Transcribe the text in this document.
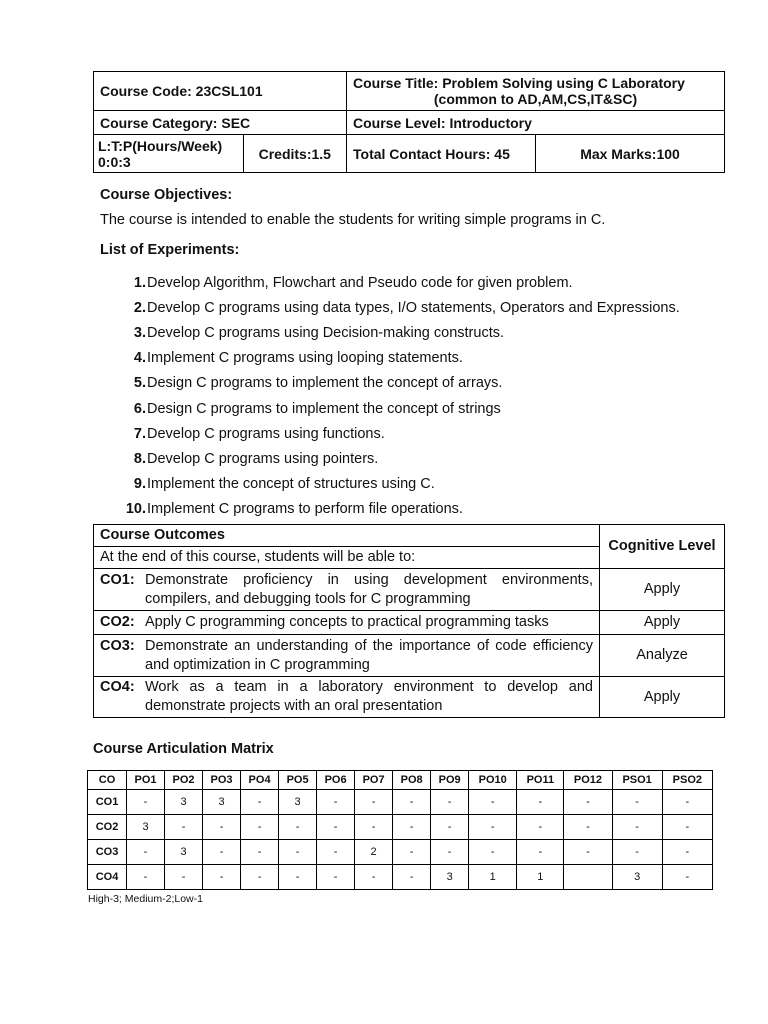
Course Code: 23CSL101		Course Title: Problem Solving using C Laboratory
(common to AD,AM,CS,IT&SC)	

Course Category: SEC		Course Level: Introductory	
L:T:P(Hours/Week)
0:0:3	Credits:1.5	Total Contact Hours: 45	Max Marks:100
Course Objectives:
The course is intended to enable the students for writing simple programs in C.
List of Experiments:
1. Develop Algorithm, Flowchart and Pseudo code for given problem.
2. Develop C programs using data types, I/O statements, Operators and Expressions.
3. Develop C programs using Decision-making constructs.
4. Implement C programs using looping statements.
5. Design C programs to implement the concept of arrays.
6. Design C programs to implement the concept of strings
7. Develop C programs using functions.
8. Develop C programs using pointers.
9. Implement the concept of structures using C.
10. Implement C programs to perform file operations.
Course Outcomes	Cognitive Level
At the end of this course, students will be able to:	

CO1: Demonstrate proficiency in using development environments, compilers, and debugging tools for C programming	Apply

CO2: Apply C programming concepts to practical programming tasks	Apply

CO3: Demonstrate an understanding of the importance of code efficiency and optimization in C programming	Analyze

CO4: Work as a team in a laboratory environment to develop and demonstrate projects with an oral presentation	Apply
Course Articulation Matrix
CO	PO1	PO2	PO3	PO4	PO5	PO6	PO7	PO8	PO9	PO10	PO11	PO12	PSO1	PSO2
CO1	-	3	3	-	3	-	-	-	-	-	-	-	-	-
CO2	3	-	-	-	-	-	-	-	-	-	-	-	-	-
CO3	-	3	-	-	-	-	2	-	-	-	-	-	-	-
CO4	-	-	-	-	-	-	-	-	3	1	1		3	-
High-3; Medium-2;Low-1
